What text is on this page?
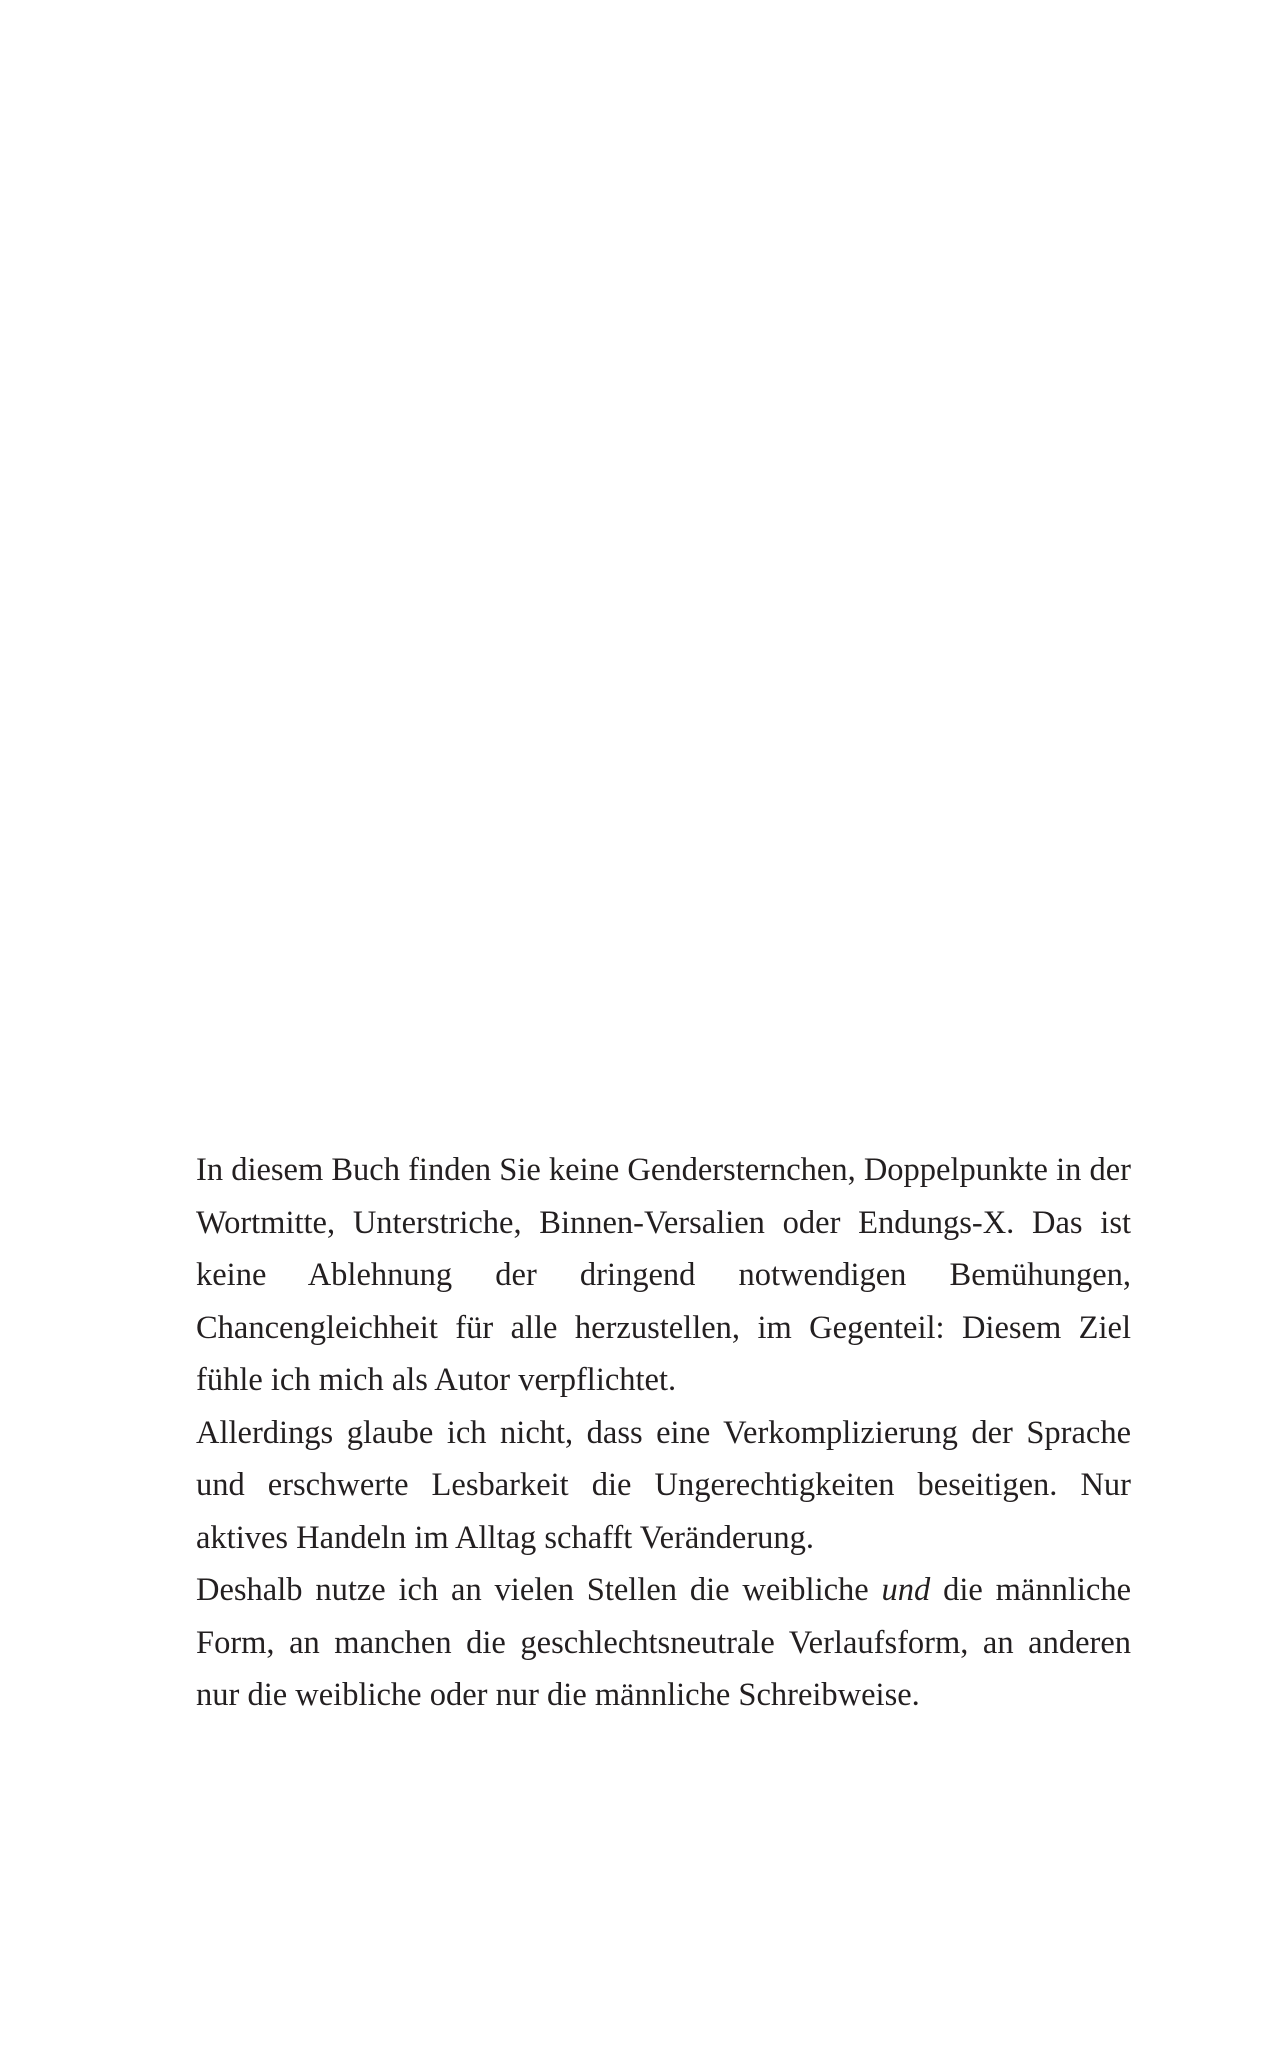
In diesem Buch finden Sie keine Gendersternchen, Doppelpunkte in der Wortmitte, Unterstriche, Binnen-Versalien oder Endungs-X. Das ist keine Ablehnung der dringend notwendigen Bemühungen, Chancengleichheit für alle herzustellen, im Gegenteil: Diesem Ziel fühle ich mich als Autor verpflichtet.

Allerdings glaube ich nicht, dass eine Verkomplizierung der Sprache und erschwerte Lesbarkeit die Ungerechtigkeiten beseitigen. Nur aktives Handeln im Alltag schafft Veränderung.

Deshalb nutze ich an vielen Stellen die weibliche und die männliche Form, an manchen die geschlechtsneutrale Verlaufsform, an anderen nur die weibliche oder nur die männliche Schreibweise.
